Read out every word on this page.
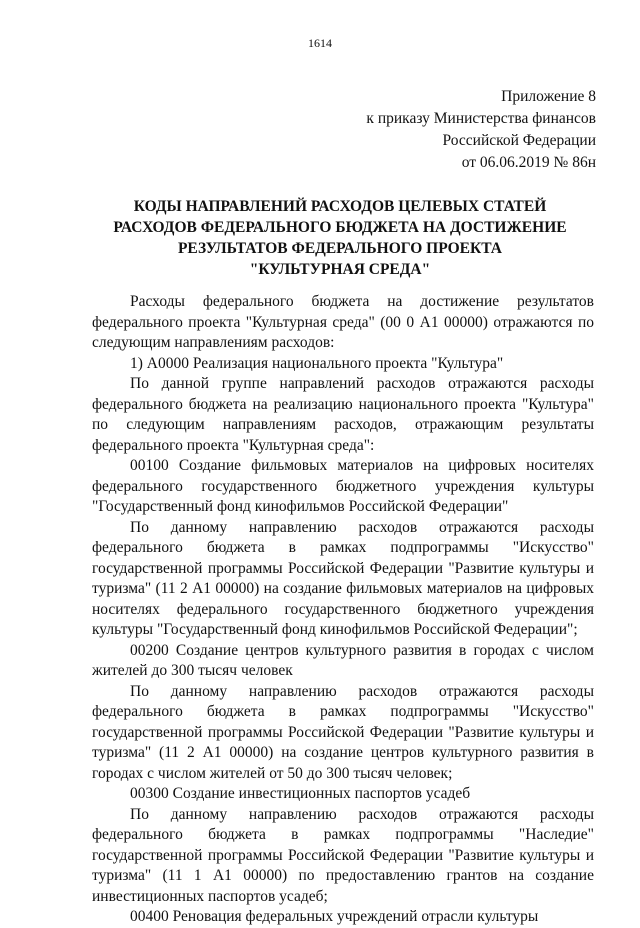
1614
Приложение 8
к приказу Министерства финансов
Российской Федерации
от 06.06.2019 № 86н
КОДЫ НАПРАВЛЕНИЙ РАСХОДОВ ЦЕЛЕВЫХ СТАТЕЙ
РАСХОДОВ ФЕДЕРАЛЬНОГО БЮДЖЕТА НА ДОСТИЖЕНИЕ
РЕЗУЛЬТАТОВ ФЕДЕРАЛЬНОГО ПРОЕКТА
"КУЛЬТУРНАЯ СРЕДА"

Расходы федерального бюджета на достижение результатов федерального проекта "Культурная среда" (00 0 А1 00000) отражаются по следующим направлениям расходов:

1) А0000 Реализация национального проекта "Культура"

По данной группе направлений расходов отражаются расходы федерального бюджета на реализацию национального проекта "Культура" по следующим направлениям расходов, отражающим результаты федерального проекта "Культурная среда":

00100 Создание фильмовых материалов на цифровых носителях федерального государственного бюджетного учреждения культуры "Государственный фонд кинофильмов Российской Федерации"

По данному направлению расходов отражаются расходы федерального бюджета в рамках подпрограммы "Искусство" государственной программы Российской Федерации "Развитие культуры и туризма" (11 2 А1 00000) на создание фильмовых материалов на цифровых носителях федерального государственного бюджетного учреждения культуры "Государственный фонд кинофильмов Российской Федерации";

00200 Создание центров культурного развития в городах с числом жителей до 300 тысяч человек

По данному направлению расходов отражаются расходы федерального бюджета в рамках подпрограммы "Искусство" государственной программы Российской Федерации "Развитие культуры и туризма" (11 2 А1 00000) на создание центров культурного развития в городах с числом жителей от 50 до 300 тысяч человек;

00300 Создание инвестиционных паспортов усадеб

По данному направлению расходов отражаются расходы федерального бюджета в рамках подпрограммы "Наследие" государственной программы Российской Федерации "Развитие культуры и туризма" (11 1 А1 00000) по предоставлению грантов на создание инвестиционных паспортов усадеб;

00400 Реновация федеральных учреждений отрасли культуры
